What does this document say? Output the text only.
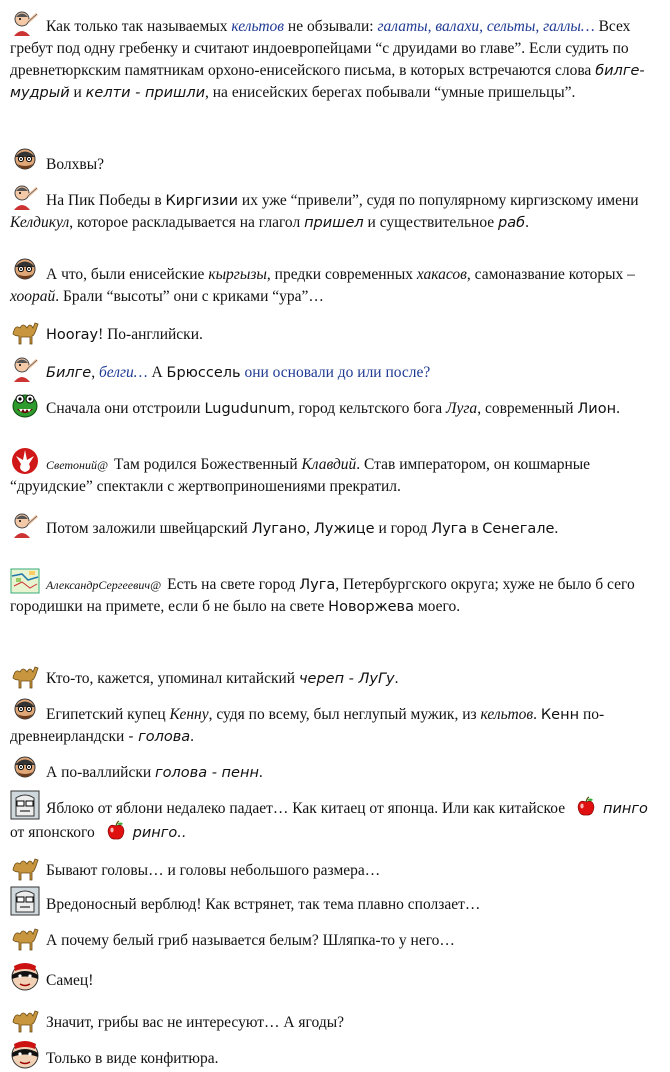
Как только так называемых кельтов не обзывали: галаты, валахи, сельты, галлы… Всех гребут под одну гребенку и считают индоевропейцами “с друидами во главе”. Если судить по древнетюркским памятникам орхоно-енисейского письма, в которых встречаются слова билге- мудрый и келти - пришли, на енисейских берегах побывали “умные пришельцы”.
Волхвы?
На Пик Победы в Киргизии их уже “привели”, судя по популярному киргизскому имени Келдикул, которое раскладывается на глагол пришел и существительное раб.
А что, были енисейские кыргызы, предки современных хакасов, самоназвание которых – хоорай. Брали “высоты” они с криками “ура”…
Hooray! По-английски.
Билге, белги… А Брюссель они основали до или после?
Сначала они отстроили Lugudunum, город кельтского бога Луга, современный Лион.
Светоний@ Там родился Божественный Клавдий. Став императором, он кошмарные “друидские” спектакли с жертвоприношениями прекратил.
Потом заложили швейцарский Лугано, Лужице и город Луга в Сенегале.
АлександрСергеевич@ Есть на свете город Луга, Петербургского округа; хуже не было б сего городишки на примете, если б не было на свете Новоржева моего.
Кто-то, кажется, упоминал китайский череп - ЛуГу.
Египетский купец Кенну, судя по всему, был неглупый мужик, из кельтов. Кенн по-древнеирландски - голова.
А по-валлийски голова - пенн.
Яблоко от яблони недалеко падает… Как китаец от японца. Или как китайское пинго от японского ринго..
Бывают головы… и головы небольшого размера…
Вредоносный верблюд! Как встрянет, так тема плавно сползает…
А почему белый гриб называется белым? Шляпка-то у него…
Самец!
Значит, грибы вас не интересуют… А ягоды?
Только в виде конфитюра.
